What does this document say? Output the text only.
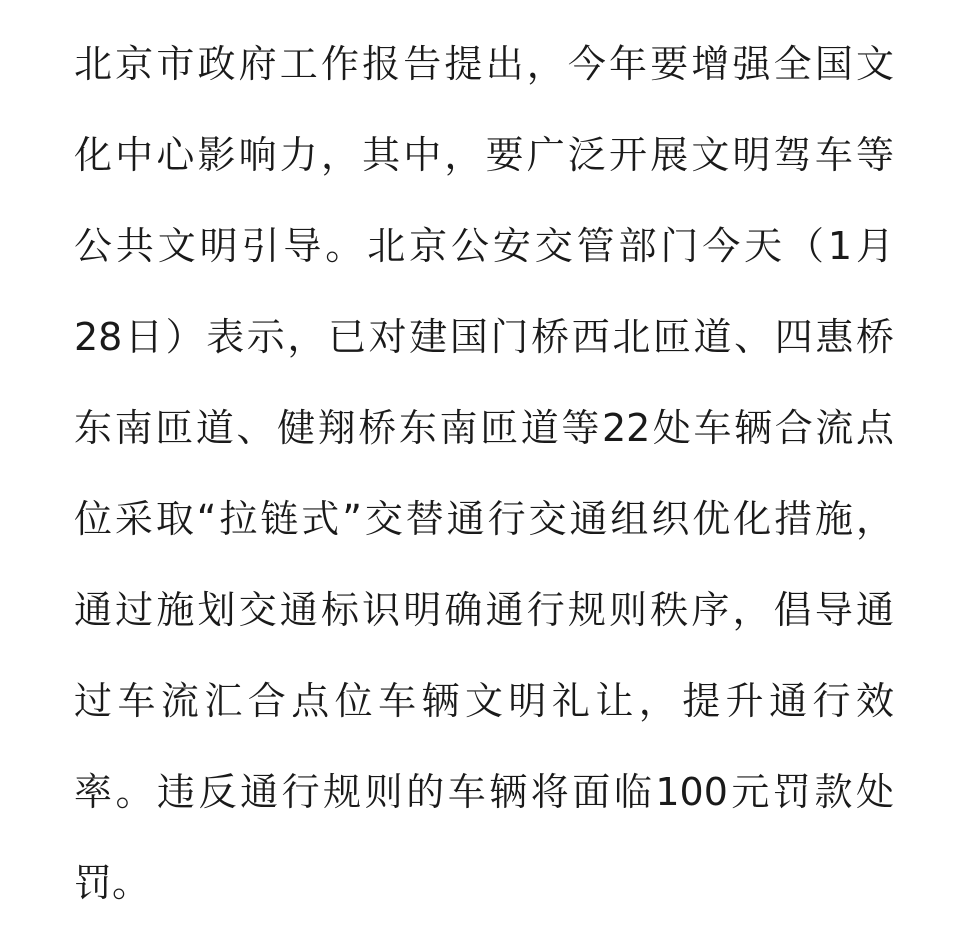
北京市政府工作报告提出，今年要增强全国文
化中心影响力，其中，要广泛开展文明驾车等
公共文明引导。北京公安交管部门今天（1月
28日）表示，已对建国门桥西北匝道、四惠桥
东南匝道、健翔桥东南匝道等22处车辆合流点
位采取“拉链式”交替通行交通组织优化措施，
通过施划交通标识明确通行规则秩序，倡导通
过车流汇合点位车辆文明礼让，提升通行效
率。违反通行规则的车辆将面临100元罚款处
罚。
